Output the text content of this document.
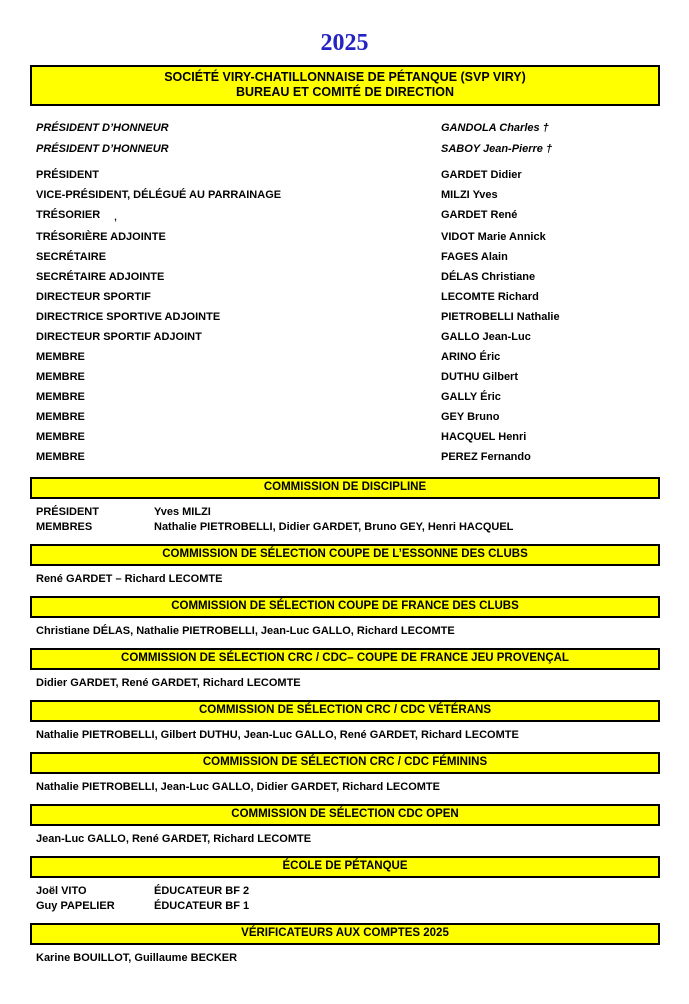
2025
SOCIÉTÉ VIRY-CHATILLONNAISE DE PÉTANQUE (SVP VIRY)
BUREAU ET COMITÉ DE DIRECTION
PRÉSIDENT D’HONNEUR	GANDOLA Charles †
PRÉSIDENT D’HONNEUR	SABOY Jean-Pierre †
PRÉSIDENT	GARDET Didier
VICE-PRÉSIDENT, DÉLÉGUÉ AU PARRAINAGE	MILZI Yves
TRÉSORIER ,	GARDET René
TRÉSORIÈRE ADJOINTE	VIDOT Marie Annick
SECRÉTAIRE	FAGES Alain
SECRÉTAIRE ADJOINTE	DÉLAS Christiane
DIRECTEUR SPORTIF	LECOMTE Richard
DIRECTRICE SPORTIVE ADJOINTE	PIETROBELLI Nathalie
DIRECTEUR SPORTIF ADJOINT	GALLO Jean-Luc
MEMBRE	ARINO Éric
MEMBRE	DUTHU Gilbert
MEMBRE	GALLY Éric
MEMBRE	GEY Bruno
MEMBRE	HACQUEL Henri
MEMBRE	PEREZ Fernando
COMMISSION DE DISCIPLINE
PRÉSIDENT	Yves MILZI
MEMBRES	Nathalie PIETROBELLI, Didier GARDET, Bruno GEY, Henri HACQUEL
COMMISSION DE SÉLECTION COUPE DE L’ESSONNE DES CLUBS
René GARDET – Richard LECOMTE
COMMISSION DE SÉLECTION COUPE DE FRANCE DES CLUBS
Christiane DÉLAS, Nathalie PIETROBELLI, Jean-Luc GALLO, Richard LECOMTE
COMMISSION DE SÉLECTION CRC / CDC– COUPE DE FRANCE JEU PROVENÇAL
Didier GARDET, René GARDET, Richard LECOMTE
COMMISSION DE SÉLECTION CRC / CDC VÉTÉRANS
Nathalie PIETROBELLI, Gilbert DUTHU, Jean-Luc GALLO, René GARDET, Richard LECOMTE
COMMISSION DE SÉLECTION CRC / CDC FÉMININS
Nathalie PIETROBELLI, Jean-Luc GALLO, Didier GARDET, Richard LECOMTE
COMMISSION DE SÉLECTION CDC OPEN
Jean-Luc GALLO, René GARDET, Richard LECOMTE
ÉCOLE DE PÉTANQUE
Joël VITO	ÉDUCATEUR BF 2
Guy PAPELIER	ÉDUCATEUR BF 1
VÉRIFICATEURS AUX COMPTES 2025
Karine BOUILLOT, Guillaume BECKER
